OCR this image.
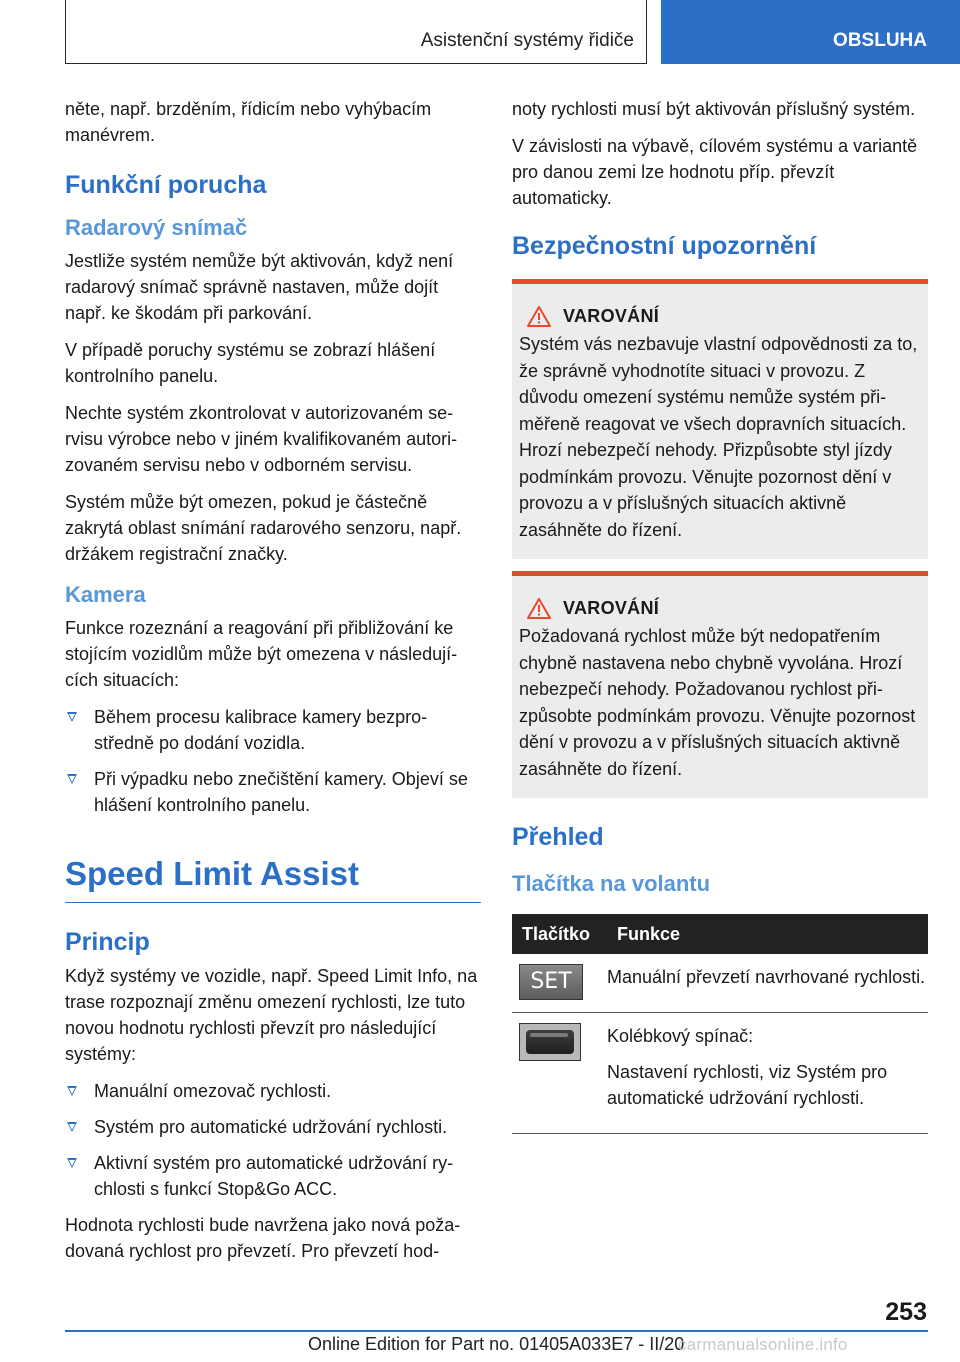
Asistenční systémy řidiče	OBSLUHA

něte, např. brzděním, řídicím nebo vyhýbacím manévrem.

Funkční porucha
Radarový snímač

Jestliže systém nemůže být aktivován, když není radarový snímač správně nastaven, může dojít např. ke škodám při parkování.

V případě poruchy systému se zobrazí hlášení kontrolního panelu.

Nechte systém zkontrolovat v autorizovaném servisu výrobce nebo v jiném kvalifikovaném autorizovaném servisu nebo v odborném servisu.

Systém může být omezen, pokud je částečně zakrytá oblast snímání radarového senzoru, např. držákem registrační značky.

Kamera

Funkce rozeznání a reagování při přibližování ke stojícím vozidlům může být omezena v následujících situacích:

Během procesu kalibrace kamery bezprostředně po dodání vozidla.
Při výpadku nebo znečištění kamery. Objeví se hlášení kontrolního panelu.
Speed Limit Assist
Princip

Když systémy ve vozidle, např. Speed Limit Info, na trase rozpoznají změnu omezení rychlosti, lze tuto novou hodnotu rychlosti převzít pro následující systémy:

Manuální omezovač rychlosti.
Systém pro automatické udržování rychlosti.
Aktivní systém pro automatické udržování rychlosti s funkcí Stop&Go ACC.

Hodnota rychlosti bude navržena jako nová požadovaná rychlost pro převzetí. Pro převzetí hod-

noty rychlosti musí být aktivován příslušný systém.

V závislosti na výbavě, cílovém systému a variantě pro danou zemi lze hodnotu příp. převzít automaticky.

Bezpečnostní upozornění
VAROVÁNÍ

Systém vás nezbavuje vlastní odpovědnosti za to, že správně vyhodnotíte situaci v provozu. Z důvodu omezení systému nemůže systém přiměřeně reagovat ve všech dopravních situacích. Hrozí nebezpečí nehody. Přizpůsobte styl jízdy podmínkám provozu. Věnujte pozornost dění v provozu a v příslušných situacích aktivně zasáhněte do řízení.

VAROVÁNÍ

Požadovaná rychlost může být nedopatřením chybně nastavena nebo chybně vyvolána. Hrozí nebezpečí nehody. Požadovanou rychlost přizpůsobte podmínkám provozu. Věnujte pozornost dění v provozu a v příslušných situacích aktivně zasáhněte do řízení.

Přehled
Tlačítka na volantu
Tlačítko	Funkce

SET	Manuální převzetí navrhované rychlosti.

	Kolébkový spínač:

Nastavení rychlosti, viz Systém pro automatické udržování rychlosti.

253
Online Edition for Part no. 01405A033E7 - II/20
carmanualsonline.info
